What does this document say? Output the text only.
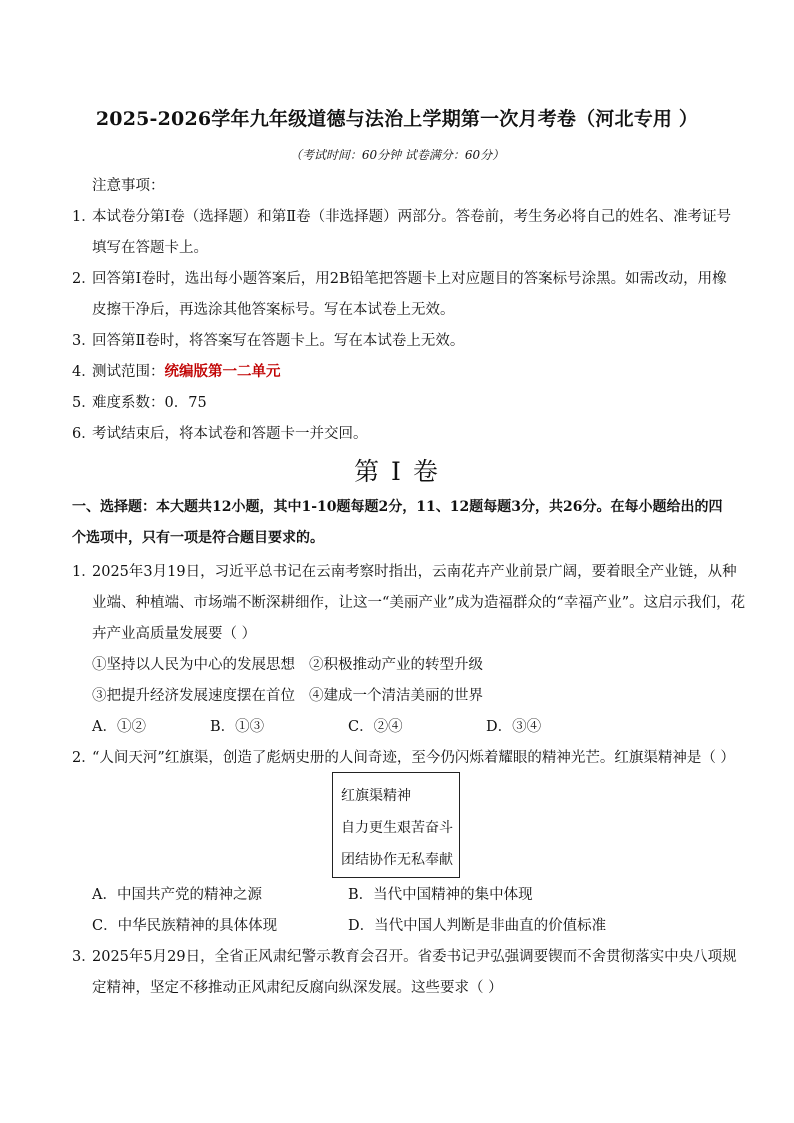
2025-2026学年九年级道德与法治上学期第一次月考卷（河北专用 ）
（考试时间：60分钟 试卷满分：60分）
注意事项：
1．
本试卷分第Ⅰ卷（选择题）和第Ⅱ卷（非选择题）两部分。答卷前，考生务必将自己的姓名、准考证号
填写在答题卡上。
2．
回答第Ⅰ卷时，选出每小题答案后，用2B铅笔把答题卡上对应题目的答案标号涂黑。如需改动，用橡
皮擦干净后，再选涂其他答案标号。写在本试卷上无效。
3．
回答第Ⅱ卷时，将答案写在答题卡上。写在本试卷上无效。
4．
测试范围：统编版第一二单元
5．
难度系数：0．75
6．
考试结束后，将本试卷和答题卡一并交回。
第 I 卷
一、选择题：本大题共12小题，其中1-10题每题2分，11、12题每题3分，共26分。在每小题给出的四
个选项中，只有一项是符合题目要求的。
1．
2025年3月19日，习近平总书记在云南考察时指出，云南花卉产业前景广阔，要着眼全产业链，从种
业端、种植端、市场端不断深耕细作，让这一“美丽产业”成为造福群众的“幸福产业”。这启示我们，花
卉产业高质量发展要（ ）
①坚持以人民为中心的发展思想 ②积极推动产业的转型升级
③把提升经济发展速度摆在首位 ④建成一个清洁美丽的世界
A．①②	B．①③	C．②④	D．③④
2．
“人间天河”红旗渠，创造了彪炳史册的人间奇迹，至今仍闪烁着耀眼的精神光芒。红旗渠精神是（ ）
红旗渠精神
自力更生艰苦奋斗
团结协作无私奉献
A．中国共产党的精神之源	B．当代中国精神的集中体现
C．中华民族精神的具体体现	D．当代中国人判断是非曲直的价值标准
3．
2025年5月29日，全省正风肃纪警示教育会召开。省委书记尹弘强调要锲而不舍贯彻落实中央八项规
定精神，坚定不移推动正风肃纪反腐向纵深发展。这些要求（ ）
